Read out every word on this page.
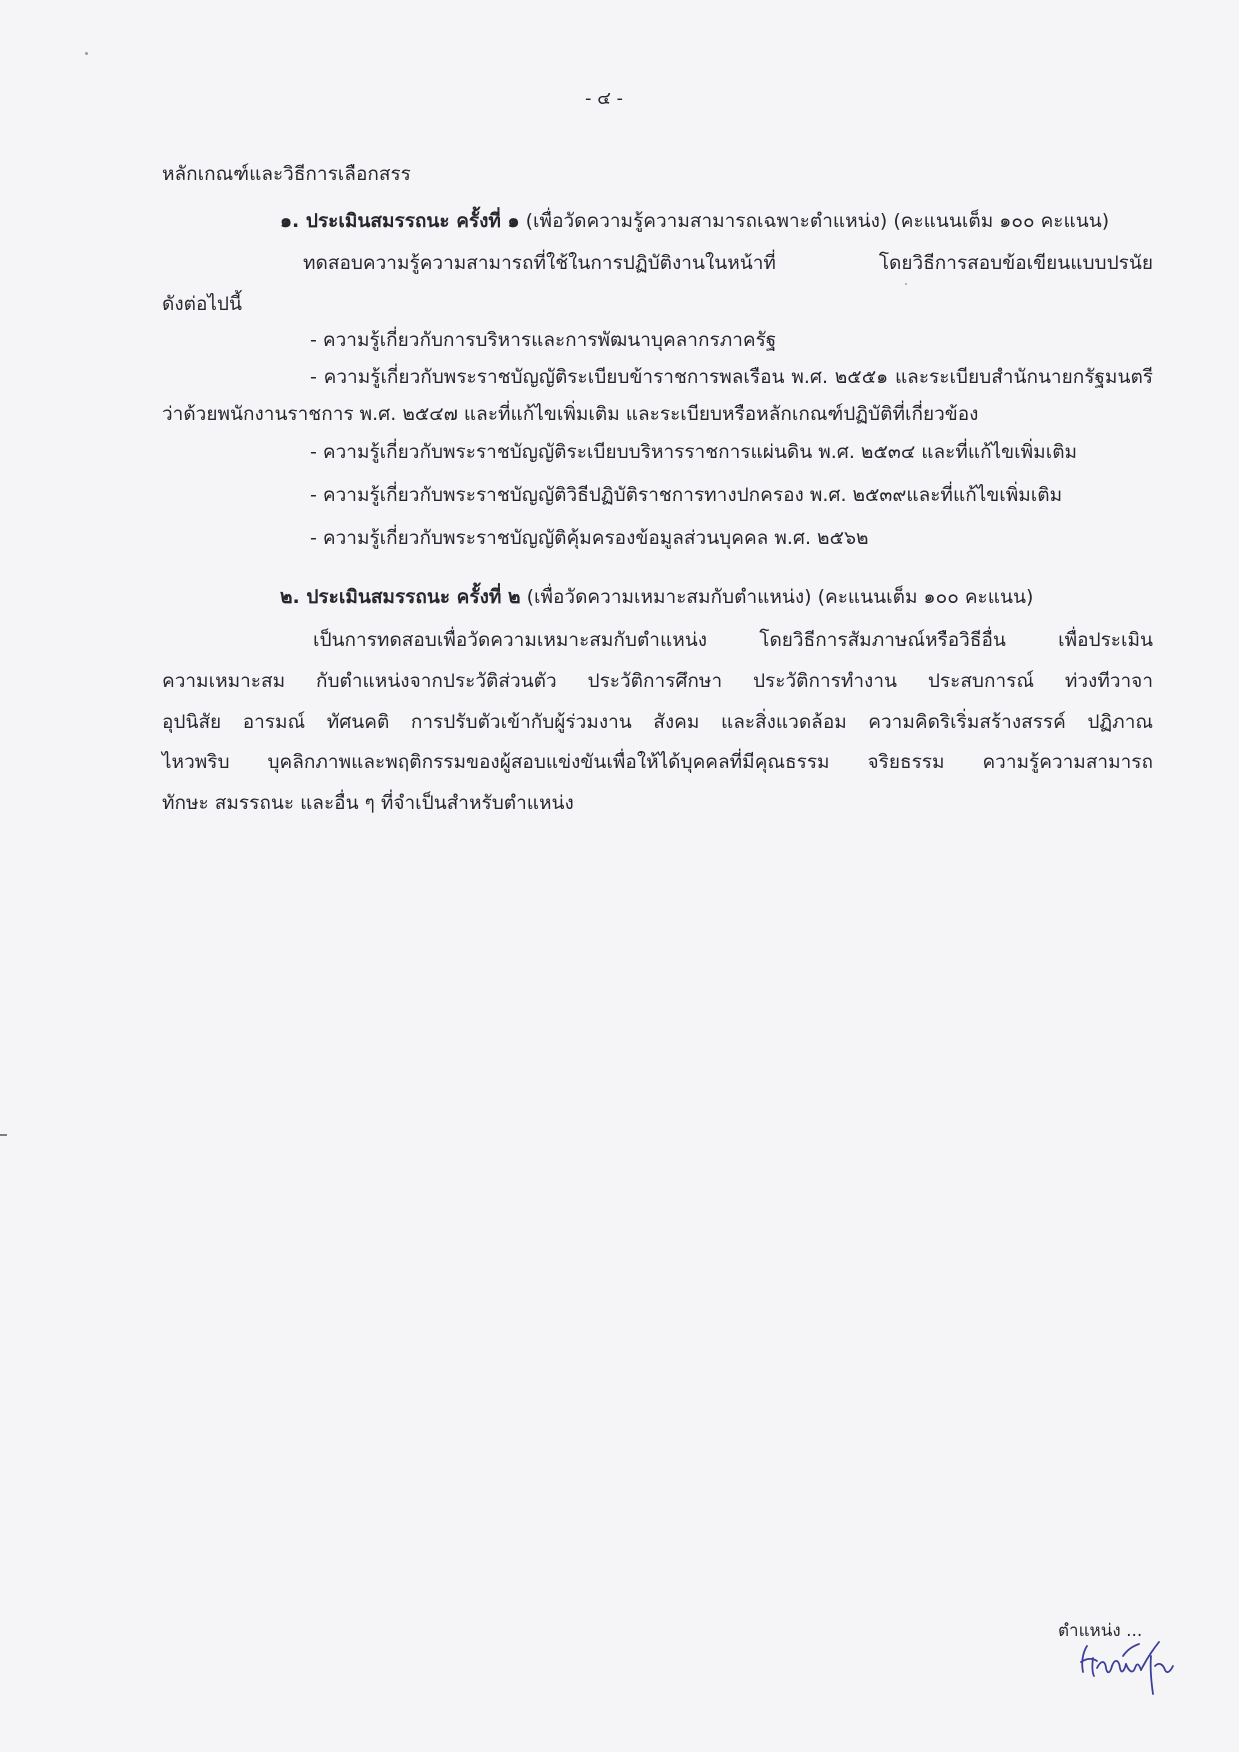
- ๔ -
หลักเกณฑ์และวิธีการเลือกสรร
๑. ประเมินสมรรถนะ ครั้งที่ ๑ (เพื่อวัดความรู้ความสามารถเฉพาะตำแหน่ง) (คะแนนเต็ม ๑๐๐ คะแนน)
ทดสอบความรู้ความสามารถที่ใช้ในการปฏิบัติงานในหน้าที่ โดยวิธีการสอบข้อเขียนแบบปรนัย
ดังต่อไปนี้
- ความรู้เกี่ยวกับการบริหารและการพัฒนาบุคลากรภาครัฐ
- ความรู้เกี่ยวกับพระราชบัญญัติระเบียบข้าราชการพลเรือน พ.ศ. ๒๕๕๑ และระเบียบสำนักนายกรัฐมนตรี
ว่าด้วยพนักงานราชการ พ.ศ. ๒๕๔๗ และที่แก้ไขเพิ่มเติม และระเบียบหรือหลักเกณฑ์ปฏิบัติที่เกี่ยวข้อง
- ความรู้เกี่ยวกับพระราชบัญญัติระเบียบบริหารราชการแผ่นดิน พ.ศ. ๒๕๓๔ และที่แก้ไขเพิ่มเติม
- ความรู้เกี่ยวกับพระราชบัญญัติวิธีปฏิบัติราชการทางปกครอง พ.ศ. ๒๕๓๙และที่แก้ไขเพิ่มเติม
- ความรู้เกี่ยวกับพระราชบัญญัติคุ้มครองข้อมูลส่วนบุคคล พ.ศ. ๒๕๖๒
๒. ประเมินสมรรถนะ ครั้งที่ ๒ (เพื่อวัดความเหมาะสมกับตำแหน่ง) (คะแนนเต็ม ๑๐๐ คะแนน)
เป็นการทดสอบเพื่อวัดความเหมาะสมกับตำแหน่ง โดยวิธีการสัมภาษณ์หรือวิธีอื่น เพื่อประเมิน
ความเหมาะสม กับตำแหน่งจากประวัติส่วนตัว ประวัติการศึกษา ประวัติการทำงาน ประสบการณ์ ท่วงทีวาจา
อุปนิสัย อารมณ์ ทัศนคติ การปรับตัวเข้ากับผู้ร่วมงาน สังคม และสิ่งแวดล้อม ความคิดริเริ่มสร้างสรรค์ ปฏิภาณ
ไหวพริบ บุคลิกภาพและพฤติกรรมของผู้สอบแข่งขันเพื่อให้ได้บุคคลที่มีคุณธรรม จริยธรรม ความรู้ความสามารถ
ทักษะ สมรรถนะ และอื่น ๆ ที่จำเป็นสำหรับตำแหน่ง
ตำแหน่ง ...
